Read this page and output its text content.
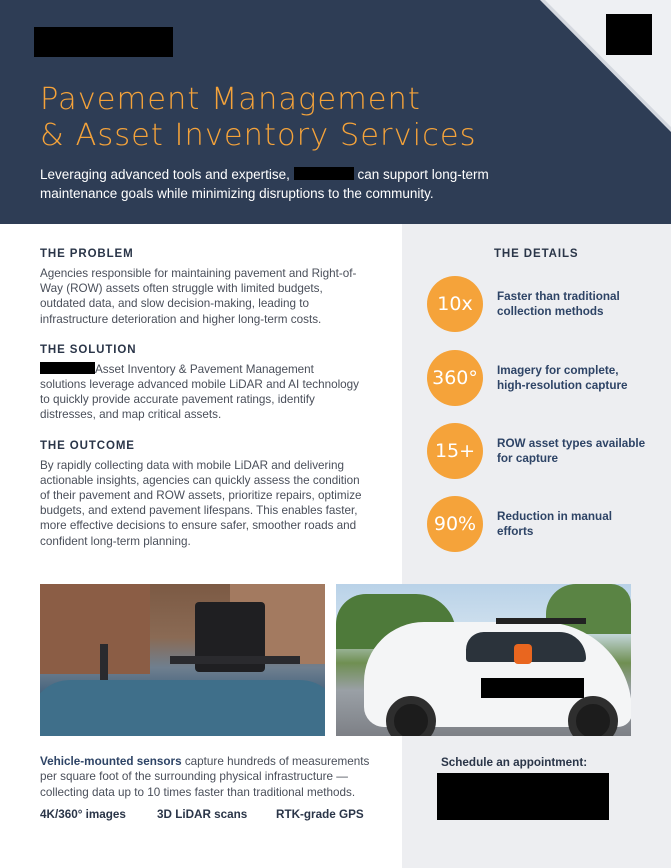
Pavement Management
& Asset Inventory Services

Leveraging advanced tools and expertise,	can support long-term maintenance goals while minimizing disruptions to the community.

THE PROBLEM

Agencies responsible for maintaining pavement and Right-of-Way (ROW) assets often struggle with limited budgets, outdated data, and slow decision-making, leading to infrastructure deterioration and higher long-term costs.

THE SOLUTION

Asset Inventory & Pavement Management solutions leverage advanced mobile LiDAR and AI technology to quickly provide accurate pavement ratings, identify distresses, and map critical assets.

THE OUTCOME

By rapidly collecting data with mobile LiDAR and delivering actionable insights, agencies can quickly assess the condition of their pavement and ROW assets, prioritize repairs, optimize budgets, and extend pavement lifespans. This enables faster, more effective decisions to ensure safer, smoother roads and confident long-term planning.

THE DETAILS
10x	Faster than traditional collection methods
360°	Imagery for complete, high-resolution capture
15+	ROW asset types available for capture
90%	Reduction in manual efforts

Vehicle-mounted sensors capture hundreds of measurements per square foot of the surrounding physical infrastructure — collecting data up to 10 times faster than traditional methods.

4K/360° images	3D LiDAR scans RTK-grade GPS
Schedule an appointment:
